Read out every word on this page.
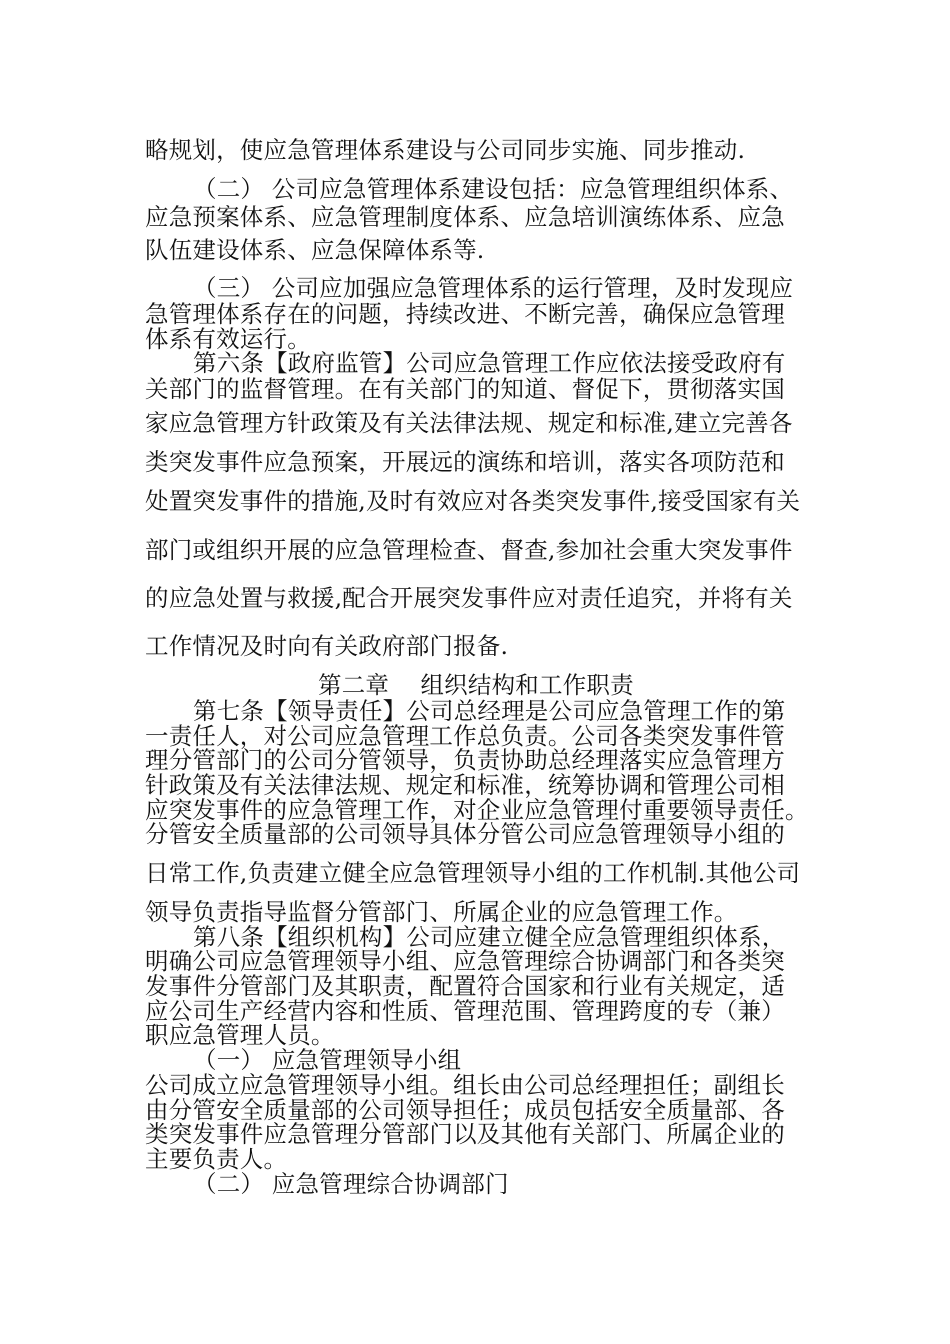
略规划，使应急管理体系建设与公司同步实施、同步推动.
（二） 公司应急管理体系建设包括：应急管理组织体系、
应急预案体系、应急管理制度体系、应急培训演练体系、应急
队伍建设体系、应急保障体系等.
（三） 公司应加强应急管理体系的运行管理，及时发现应
急管理体系存在的问题，持续改进、不断完善，确保应急管理
体系有效运行。
第六条【政府监管】公司应急管理工作应依法接受政府有
关部门的监督管理。在有关部门的知道、督促下，贯彻落实国
家应急管理方针政策及有关法律法规、规定和标准,建立完善各
类突发事件应急预案，开展远的演练和培训，落实各项防范和
处置突发事件的措施,及时有效应对各类突发事件,接受国家有关
部门或组织开展的应急管理检查、督查,参加社会重大突发事件
的应急处置与救援,配合开展突发事件应对责任追究，并将有关
工作情况及时向有关政府部门报备.
第二章　 组织结构和工作职责
第七条【领导责任】公司总经理是公司应急管理工作的第
一责任人，对公司应急管理工作总负责。公司各类突发事件管
理分管部门的公司分管领导，负责协助总经理落实应急管理方
针政策及有关法律法规、规定和标准，统筹协调和管理公司相
应突发事件的应急管理工作，对企业应急管理付重要领导责任。
分管安全质量部的公司领导具体分管公司应急管理领导小组的
日常工作,负责建立健全应急管理领导小组的工作机制.其他公司
领导负责指导监督分管部门、所属企业的应急管理工作。
第八条【组织机构】公司应建立健全应急管理组织体系，
明确公司应急管理领导小组、应急管理综合协调部门和各类突
发事件分管部门及其职责，配置符合国家和行业有关规定，适
应公司生产经营内容和性质、管理范围、管理跨度的专（兼）
职应急管理人员。
（一） 应急管理领导小组
公司成立应急管理领导小组。组长由公司总经理担任；副组长
由分管安全质量部的公司领导担任；成员包括安全质量部、各
类突发事件应急管理分管部门以及其他有关部门、所属企业的
主要负责人。
（二） 应急管理综合协调部门
